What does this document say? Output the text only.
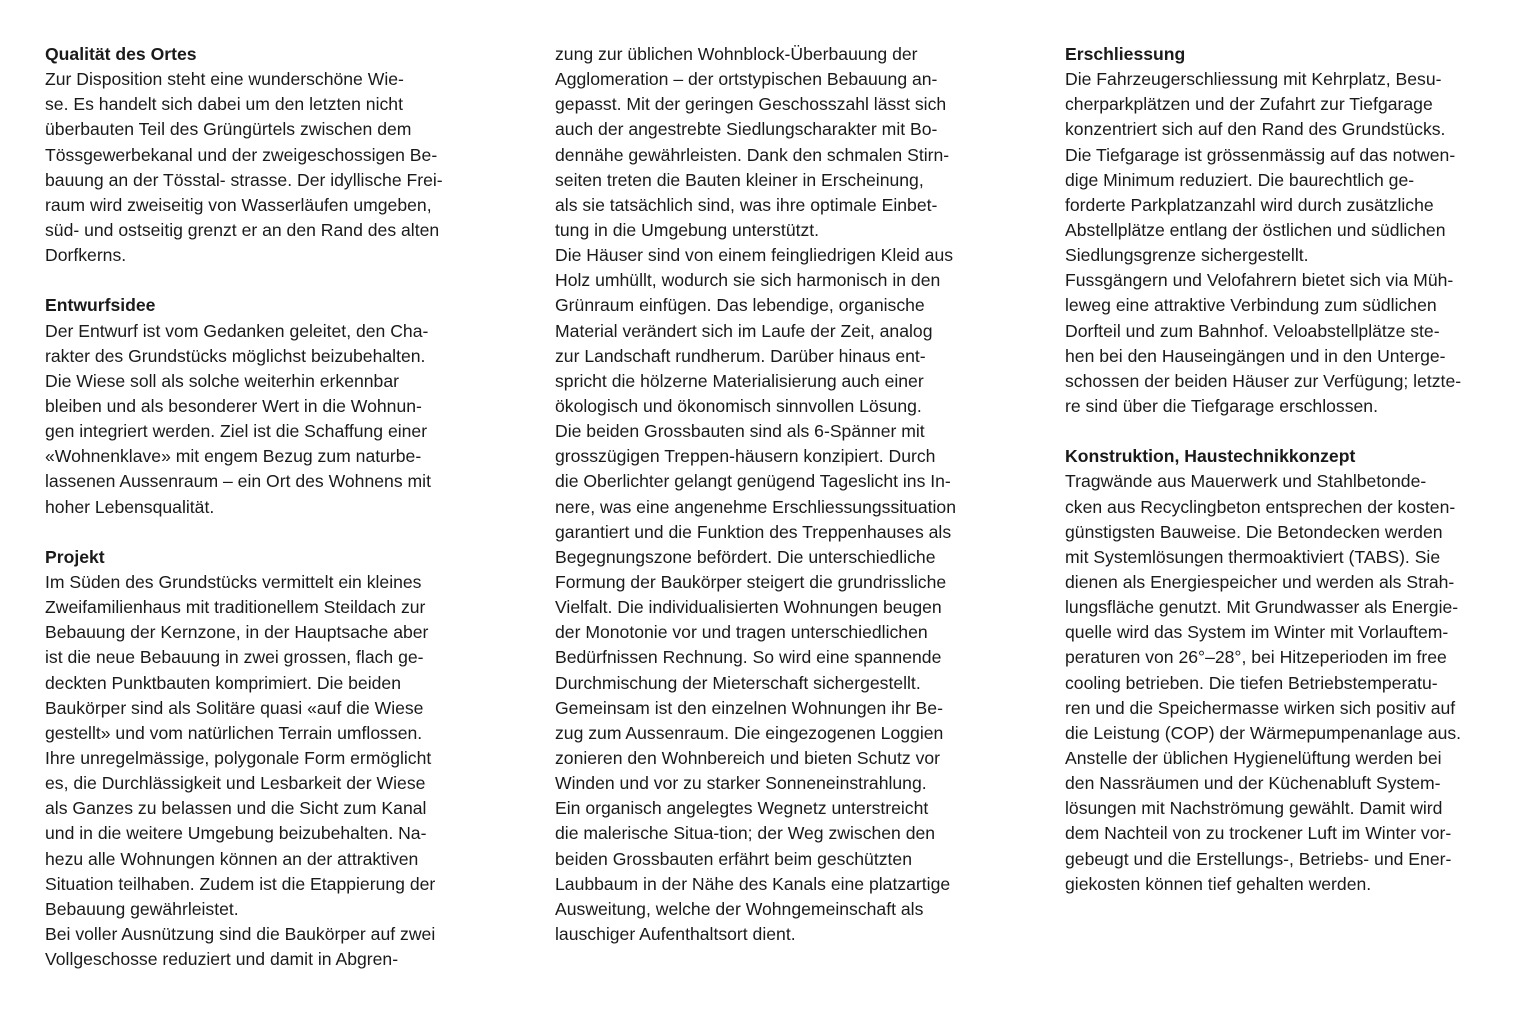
Qualität des Ortes
Zur Disposition steht eine wunderschöne Wie-
se. Es handelt sich dabei um den letzten nicht
überbauten Teil des Grüngürtels zwischen dem
Tössgewerbekanal und der zweigeschossigen Be-
bauung an der Tösstal- strasse. Der idyllische Frei-
raum wird zweiseitig von Wasserläufen umgeben,
süd- und ostseitig grenzt er an den Rand des alten
Dorfkerns.
Entwurfsidee
Der Entwurf ist vom Gedanken geleitet, den Cha-
rakter des Grundstücks möglichst beizubehalten.
Die Wiese soll als solche weiterhin erkennbar
bleiben und als besonderer Wert in die Wohnun-
gen integriert werden. Ziel ist die Schaffung einer
«Wohnenklave» mit engem Bezug zum naturbe-
lassenen Aussenraum – ein Ort des Wohnens mit
hoher Lebensqualität.
Projekt
Im Süden des Grundstücks vermittelt ein kleines
Zweifamilienhaus mit traditionellem Steildach zur
Bebauung der Kernzone, in der Hauptsache aber
ist die neue Bebauung in zwei grossen, flach ge-
deckten Punktbauten komprimiert. Die beiden
Baukörper sind als Solitäre quasi «auf die Wiese
gestellt» und vom natürlichen Terrain umflossen.
Ihre unregelmässige, polygonale Form ermöglicht
es, die Durchlässigkeit und Lesbarkeit der Wiese
als Ganzes zu belassen und die Sicht zum Kanal
und in die weitere Umgebung beizubehalten. Na-
hezu alle Wohnungen können an der attraktiven
Situation teilhaben. Zudem ist die Etappierung der
Bebauung gewährleistet.
Bei voller Ausnützung sind die Baukörper auf zwei
Vollgeschosse reduziert und damit in Abgren-
zung zur üblichen Wohnblock-Überbauung der
Agglomeration – der ortstypischen Bebauung an-
gepasst. Mit der geringen Geschosszahl lässt sich
auch der angestrebte Siedlungscharakter mit Bo-
dennähe gewährleisten. Dank den schmalen Stirn-
seiten treten die Bauten kleiner in Erscheinung,
als sie tatsächlich sind, was ihre optimale Einbet-
tung in die Umgebung unterstützt.
Die Häuser sind von einem feingliedrigen Kleid aus
Holz umhüllt, wodurch sie sich harmonisch in den
Grünraum einfügen. Das lebendige, organische
Material verändert sich im Laufe der Zeit, analog
zur Landschaft rundherum. Darüber hinaus ent-
spricht die hölzerne Materialisierung auch einer
ökologisch und ökonomisch sinnvollen Lösung.
Die beiden Grossbauten sind als 6-Spänner mit
grosszügigen Treppen-häusern konzipiert. Durch
die Oberlichter gelangt genügend Tageslicht ins In-
nere, was eine angenehme Erschliessungssituation
garantiert und die Funktion des Treppenhauses als
Begegnungszone befördert. Die unterschiedliche
Formung der Baukörper steigert die grundrissliche
Vielfalt. Die individualisierten Wohnungen beugen
der Monotonie vor und tragen unterschiedlichen
Bedürfnissen Rechnung. So wird eine spannende
Durchmischung der Mieterschaft sichergestellt.
Gemeinsam ist den einzelnen Wohnungen ihr Be-
zug zum Aussenraum. Die eingezogenen Loggien
zonieren den Wohnbereich und bieten Schutz vor
Winden und vor zu starker Sonneneinstrahlung.
Ein organisch angelegtes Wegnetz unterstreicht
die malerische Situa-tion; der Weg zwischen den
beiden Grossbauten erfährt beim geschützten
Laubbaum in der Nähe des Kanals eine platzartige
Ausweitung, welche der Wohngemeinschaft als
lauschiger Aufenthaltsort dient.
Erschliessung
Die Fahrzeugerschliessung mit Kehrplatz, Besu-
cherparkplätzen und der Zufahrt zur Tiefgarage
konzentriert sich auf den Rand des Grundstücks.
Die Tiefgarage ist grössenmässig auf das notwen-
dige Minimum reduziert. Die baurechtlich ge-
forderte Parkplatzanzahl wird durch zusätzliche
Abstellplätze entlang der östlichen und südlichen
Siedlungsgrenze sichergestellt.
Fussgängern und Velofahrern bietet sich via Müh-
leweg eine attraktive Verbindung zum südlichen
Dorfteil und zum Bahnhof. Veloabstellplätze ste-
hen bei den Hauseingängen und in den Unterge-
schossen der beiden Häuser zur Verfügung; letzte-
re sind über die Tiefgarage erschlossen.
Konstruktion, Haustechnikkonzept
Tragwände aus Mauerwerk und Stahlbetonde-
cken aus Recyclingbeton entsprechen der kosten-
günstigsten Bauweise. Die Betondecken werden
mit Systemlösungen thermoaktiviert (TABS). Sie
dienen als Energiespeicher und werden als Strah-
lungsfläche genutzt. Mit Grundwasser als Energie-
quelle wird das System im Winter mit Vorlauftem-
peraturen von 26°–28°, bei Hitzeperioden im free
cooling betrieben. Die tiefen Betriebstemperatu-
ren und die Speichermasse wirken sich positiv auf
die Leistung (COP) der Wärmepumpenanlage aus.
Anstelle der üblichen Hygienelüftung werden bei
den Nassräumen und der Küchenabluft System-
lösungen mit Nachströmung gewählt. Damit wird
dem Nachteil von zu trockener Luft im Winter vor-
gebeugt und die Erstellungs-, Betriebs- und Ener-
giekosten können tief gehalten werden.
